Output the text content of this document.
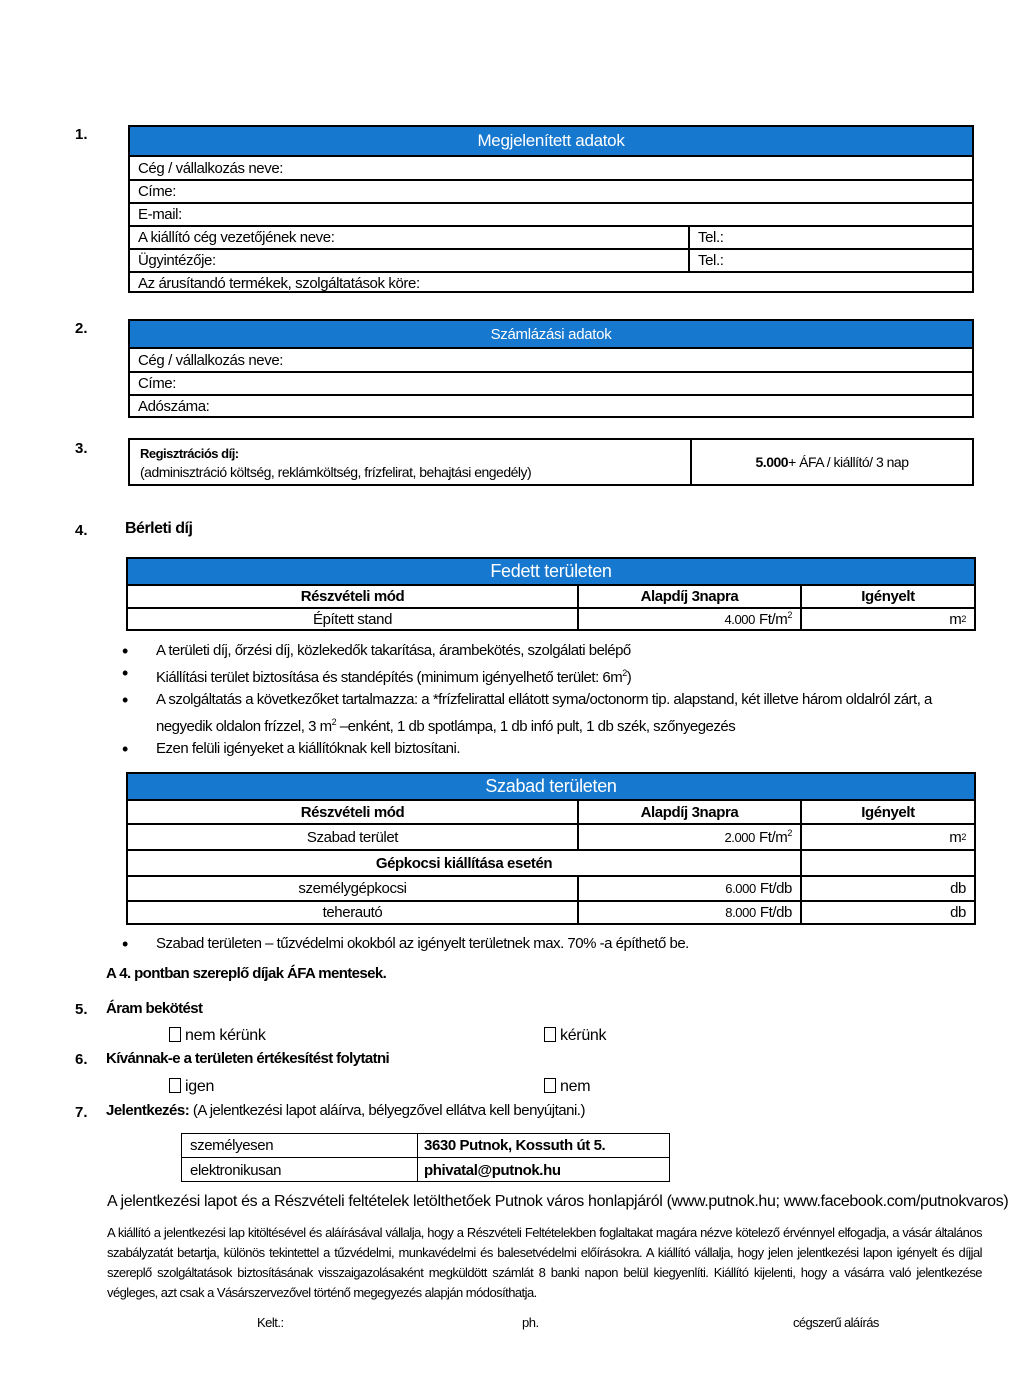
1.	Megjelenített adatok
Cég / vállalkozás neve:
Címe:
E-mail:
A kiállító cég vezetőjének neve:	Tel.:
Ügyintézője:	Tel.:
Az árusítandó termékek, szolgáltatások köre:
2.	Számlázási adatok
Cég / vállalkozás neve:
Címe:
Adószáma:
3.	Regisztrációs díj:
(adminisztráció költség, reklámköltség, frízfelirat, behajtási engedély)
5.000 + ÁFA / kiállító/ 3 nap
4. Bérleti díj
Fedett területen
Részvételi mód	Alapdíj 3napra	Igényelt
Épített stand	4.000 $Ft/m^2$	m 2
• A területi díj, őrzési díj, közlekedők takarítása, árambekötés, szolgálati belépő
• Kiállítási terület biztosítása és standépítés (minimum igényelhető terület: $6m^2$)
• A szolgáltatás a következőket tartalmazza: a *frízfelirattal ellátott syma/octonorm tip. alapstand, két illetve három oldalról zárt, a negyedik oldalon frízzel, 3 $m^2$ –enként, 1 db spotlámpa, 1 db infó pult, 1 db szék, szőnyegezés
• Ezen felüli igényeket a kiállítóknak kell biztosítani.
Szabad területen
Részvételi mód	Alapdíj 3napra	Igényelt
Szabad terület	2.000 $Ft/m^2$	m 2
Gépkocsi kiállítása esetén
személygépkocsi	6.000 Ft/db	db
teherautó	8.000 Ft/db	db
• Szabad területen – tűzvédelmi okokból az igényelt területnek max. 70% -a építhető be.
A 4. pontban szereplő díjak ÁFA mentesek.
5. Áram bekötést
nem kérünk	kérünk
6. Kívánnak-e a területen értékesítést folytatni
igen	nem
7. Jelentkezés: (A jelentkezési lapot aláírva, bélyegzővel ellátva kell benyújtani.)
személyesen	3630 Putnok, Kossuth út 5.
elektronikusan	phivatal@putnok.hu
A jelentkezési lapot és a Részvételi feltételek letölthetőek Putnok város honlapjáról (www.putnok.hu; www.facebook.com/putnokvaros)
A kiállító a jelentkezési lap kitöltésével és aláírásával vállalja, hogy a Részvételi Feltételekben foglaltakat magára nézve kötelező érvénnyel elfogadja, a vásár általános szabályzatát betartja, különös tekintettel a tűzvédelmi, munkavédelmi és balesetvédelmi előírásokra. A kiállító vállalja, hogy jelen jelentkezési lapon igényelt és díjjal szereplő szolgáltatások biztosításának visszaigazolásaként megküldött számlát 8 banki napon belül kiegyenlíti. Kiállító kijelenti, hogy a vásárra való jelentkezése végleges, azt csak a Vásárszervezővel történő megegyezés alapján módosíthatja.
Kelt.:	ph.	cégszerű aláírás
